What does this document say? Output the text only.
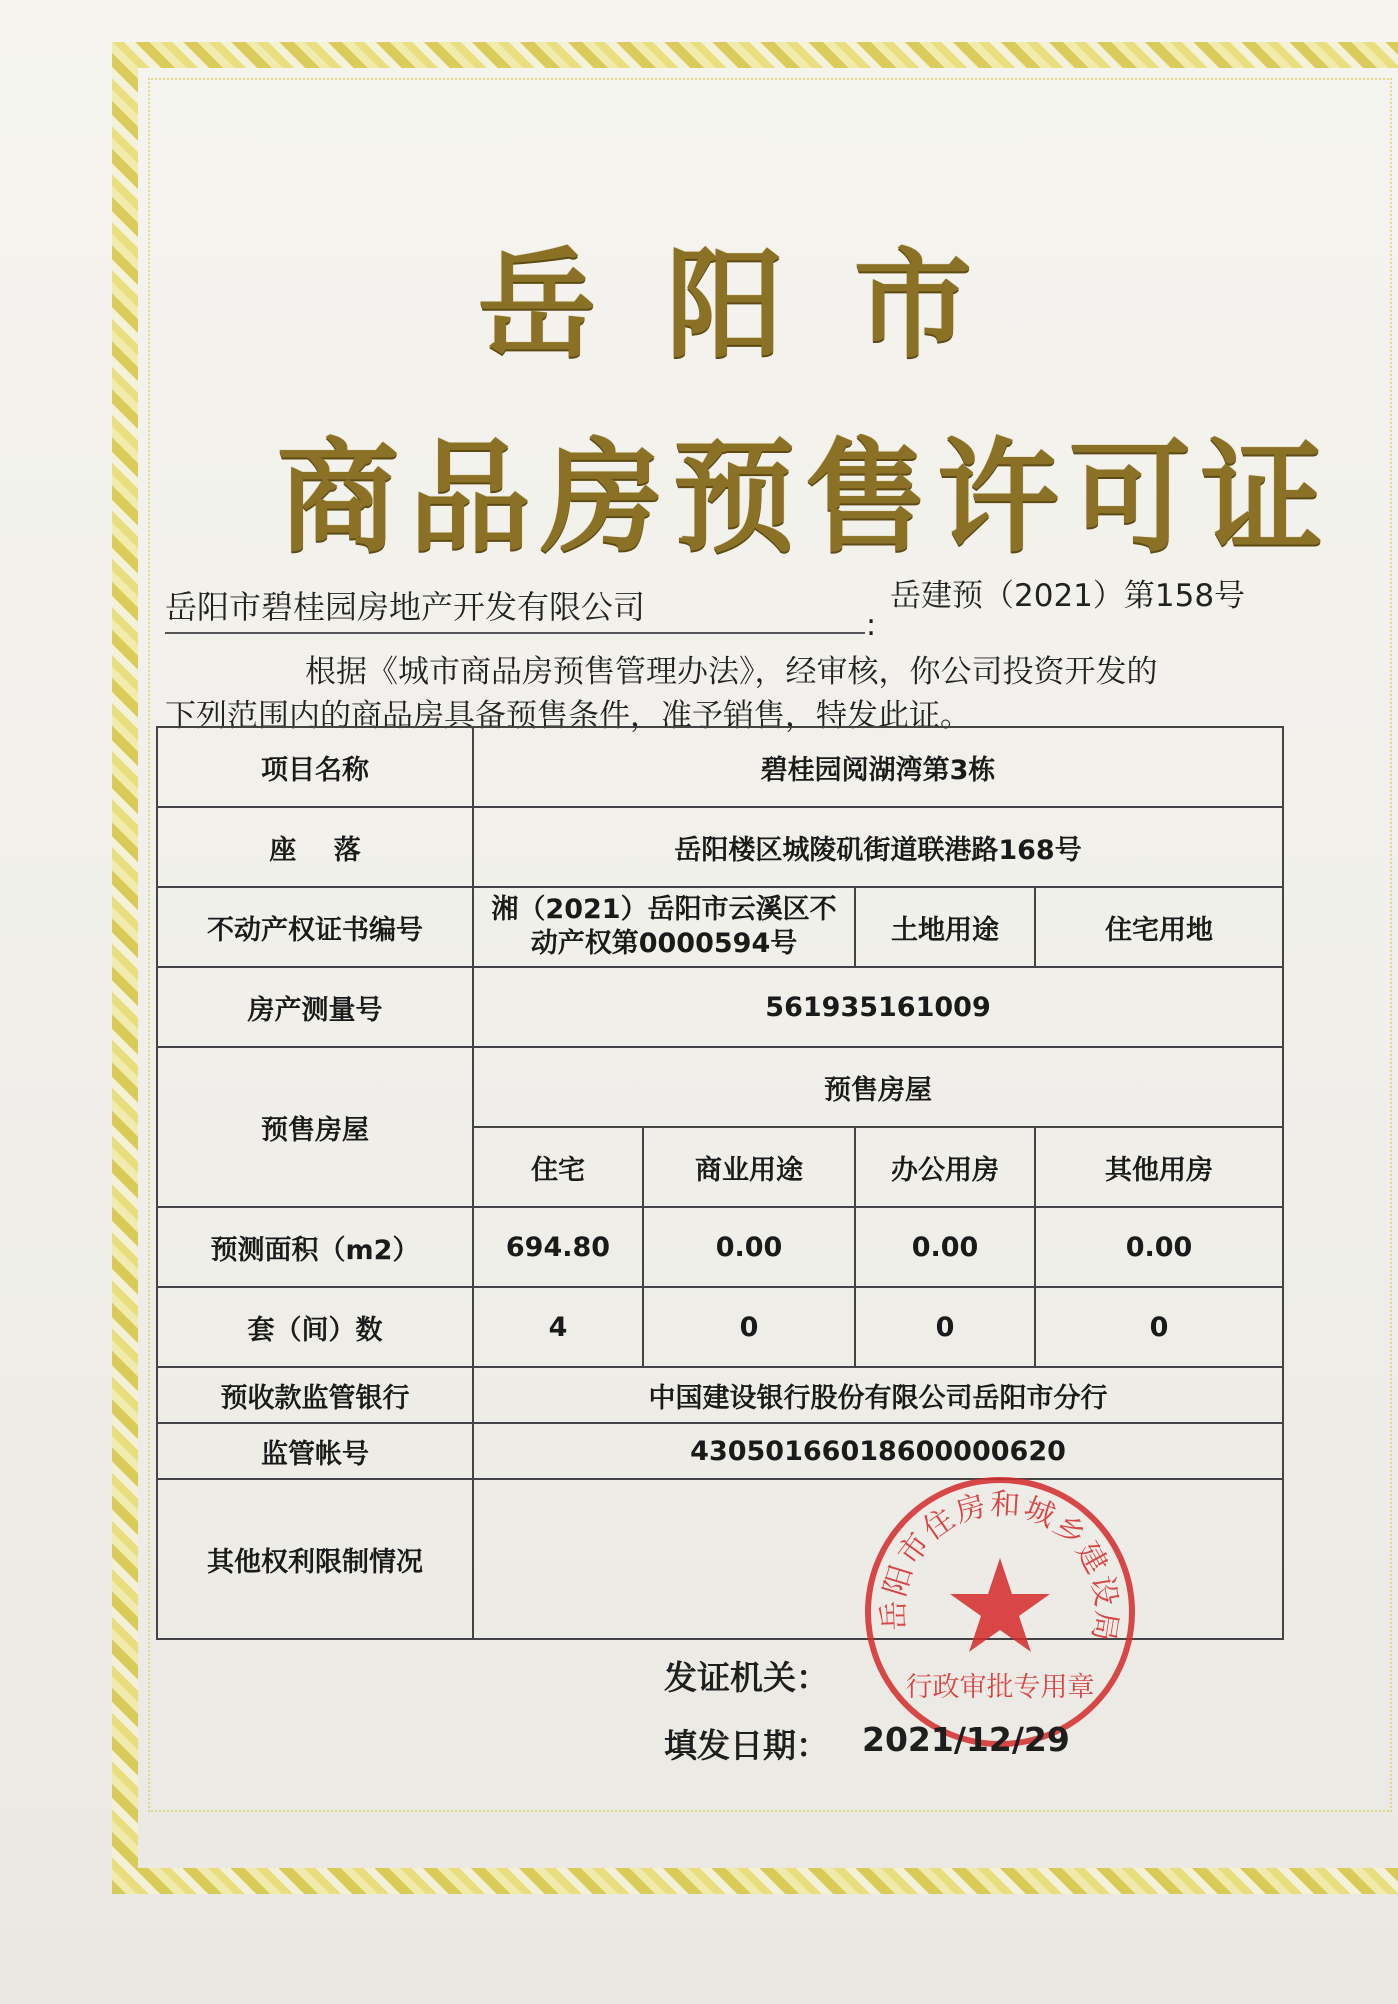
岳阳市
商品房预售许可证
岳建预（2021）第158号
岳阳市碧桂园房地产开发有限公司	:
根据《城市商品房预售管理办法》，经审核，你公司投资开发的
下列范围内的商品房具备预售条件，准予销售，特发此证。
项目名称	碧桂园阅湖湾第3栋			
座    落	岳阳楼区城陵矶街道联港路168号			
不动产权证书编号	湘（2021）岳阳市云溪区不动产权第0000594号		土地用途	住宅用地
房产测量号	561935161009			
预售房屋	预售房屋			
	住宅	商业用途	办公用房	其他用房
预测面积（m2）	694.80	0.00	0.00	0.00
套（间）数	4	0	0	0
预收款监管银行	中国建设银行股份有限公司岳阳市分行			
监管帐号	43050166018600000620			
其他权利限制情况				
岳阳市住房和城乡建设局
行政审批专用章
发证机关：
填发日期： 2021/12/29
